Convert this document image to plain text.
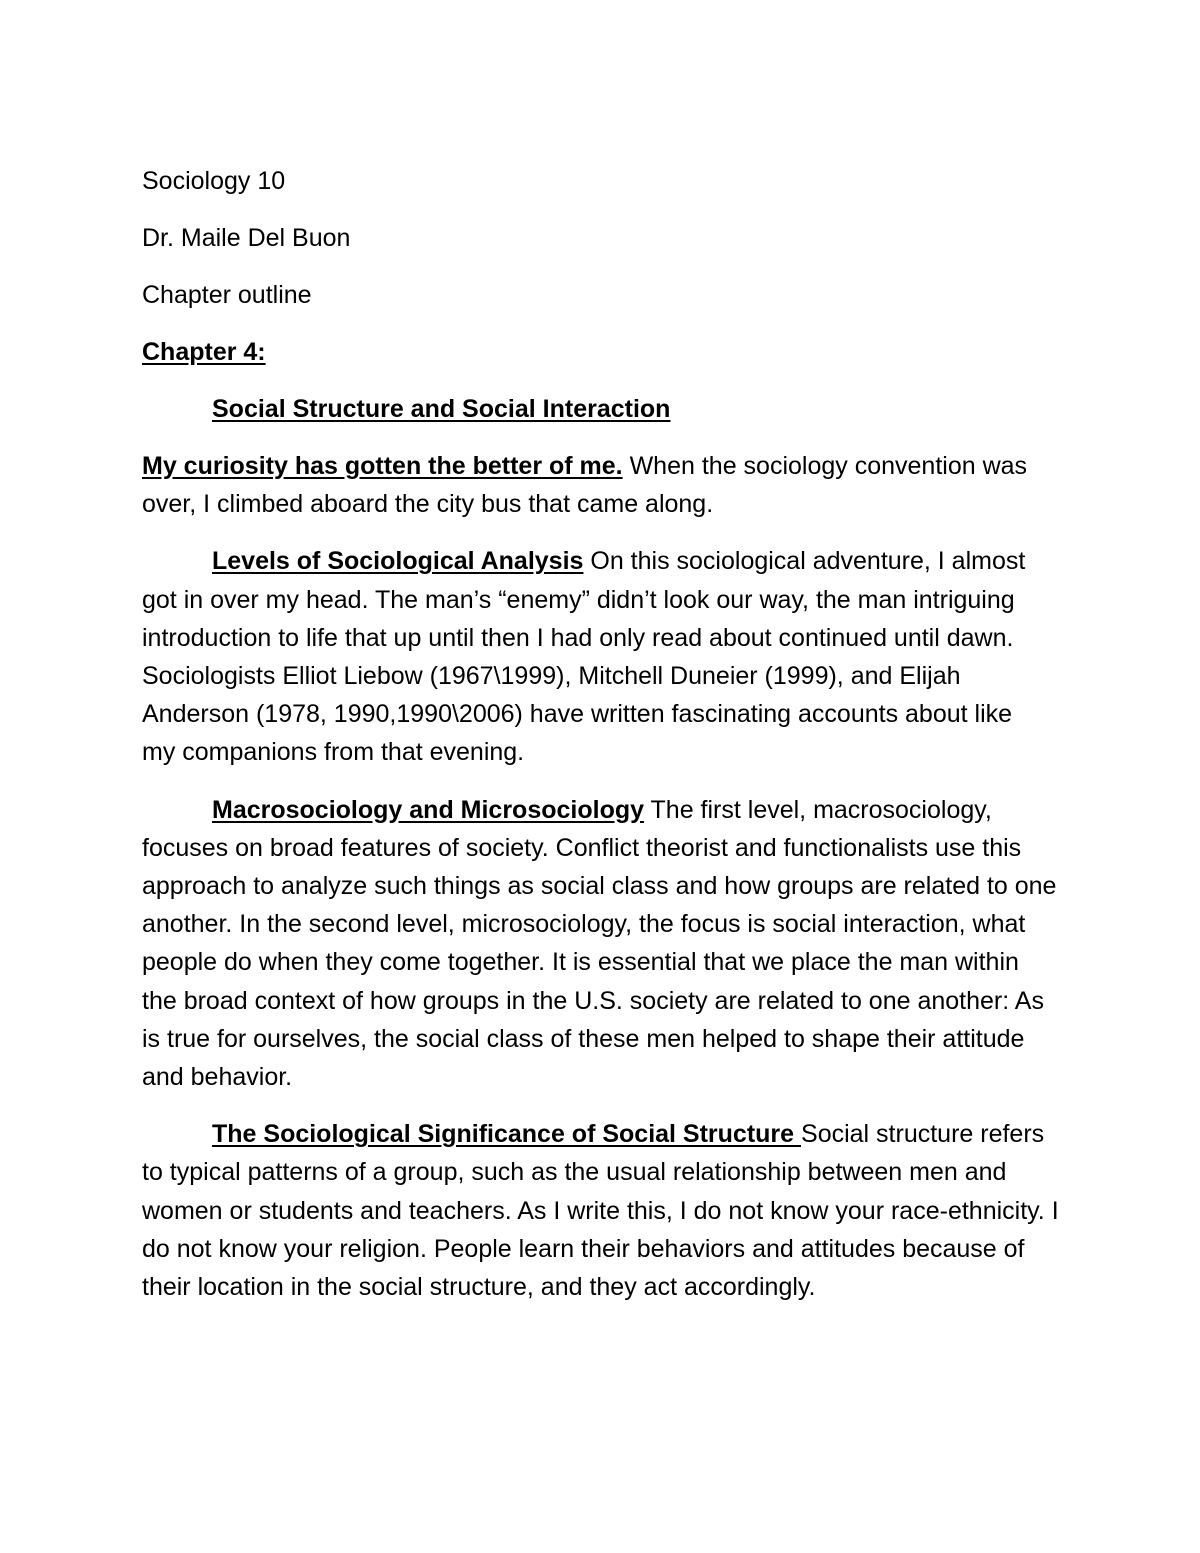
Sociology 10
Dr. Maile Del Buon
Chapter outline
Chapter 4:
Social Structure and Social Interaction

My curiosity has gotten the better of me. When the sociology convention was over, I climbed aboard the city bus that came along.

Levels of Sociological Analysis On this sociological adventure, I almost got in over my head. The man’s “enemy” didn’t look our way, the man intriguing introduction to life that up until then I had only read about continued until dawn. Sociologists Elliot Liebow (1967\1999), Mitchell Duneier (1999), and Elijah Anderson (1978, 1990,1990\2006) have written fascinating accounts about like my companions from that evening.

Macrosociology and Microsociology The first level, macrosociology, focuses on broad features of society. Conflict theorist and functionalists use this approach to analyze such things as social class and how groups are related to one another. In the second level, microsociology, the focus is social interaction, what people do when they come together. It is essential that we place the man within the broad context of how groups in the U.S. society are related to one another: As is true for ourselves, the social class of these men helped to shape their attitude and behavior.

The Sociological Significance of Social Structure Social structure refers to typical patterns of a group, such as the usual relationship between men and women or students and teachers. As I write this, I do not know your race-ethnicity. I do not know your religion. People learn their behaviors and attitudes because of their location in the social structure, and they act accordingly.
